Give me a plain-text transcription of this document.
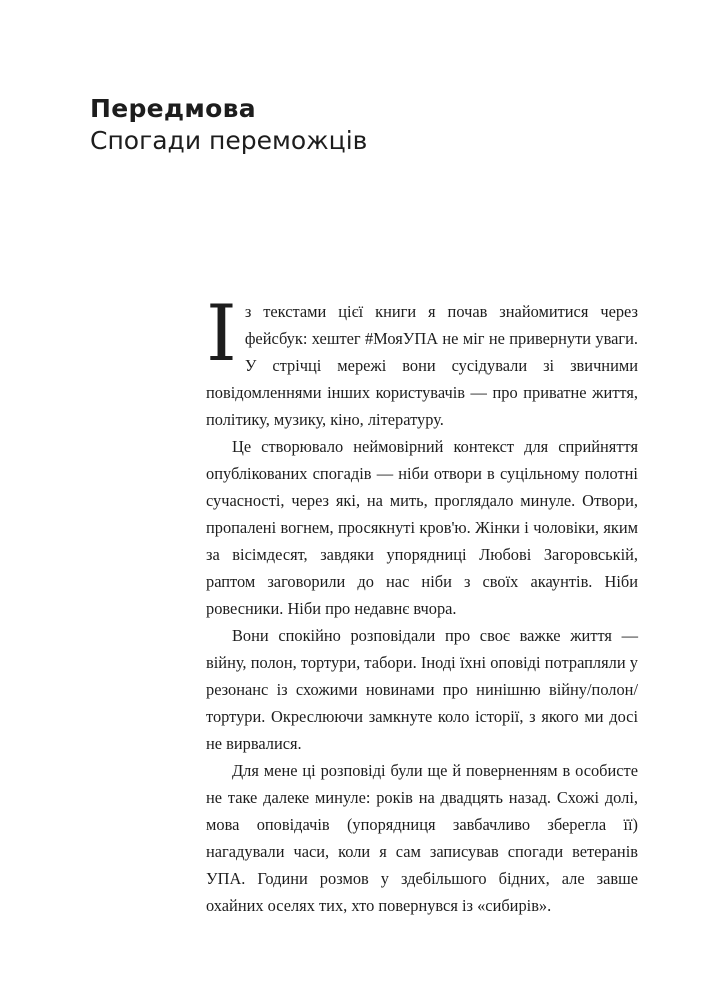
Передмова
Спогади переможців

Із текстами цієї книги я почав знайомитися через фейсбук: хештег #МояУПА не міг не привернути уваги. У стрічці мережі вони сусідували зі звичними повідомленнями інших користувачів — про приватне життя, політику, музику, кіно, літературу.

Це створювало неймовірний контекст для сприйняття опублікованих спогадів — ніби отвори в суцільному полотні сучасності, через які, на мить, проглядало минуле. Отвори, пропалені вогнем, просякнуті кров'ю. Жінки і чоловіки, яким за вісімдесят, завдяки упорядниці Любові Загоровській, раптом заговорили до нас ніби з своїх акаунтів. Ніби ровесники. Ніби про недавнє вчора.

Вони спокійно розповідали про своє важке життя — війну, полон, тортури, табори. Іноді їхні оповіді потрапляли у резонанс із схожими новинами про нинішню війну/полон/тортури. Окреслюючи замкнуте коло історії, з якого ми досі не вирвалися.

Для мене ці розповіді були ще й поверненням в особисте не таке далеке минуле: років на двадцять назад. Схожі долі, мова оповідачів (упорядниця завбачливо зберегла її) нагадували часи, коли я сам записував спогади ветеранів УПА. Години розмов у здебільшого бідних, але завше охайних оселях тих, хто повернувся із «сибирів».
